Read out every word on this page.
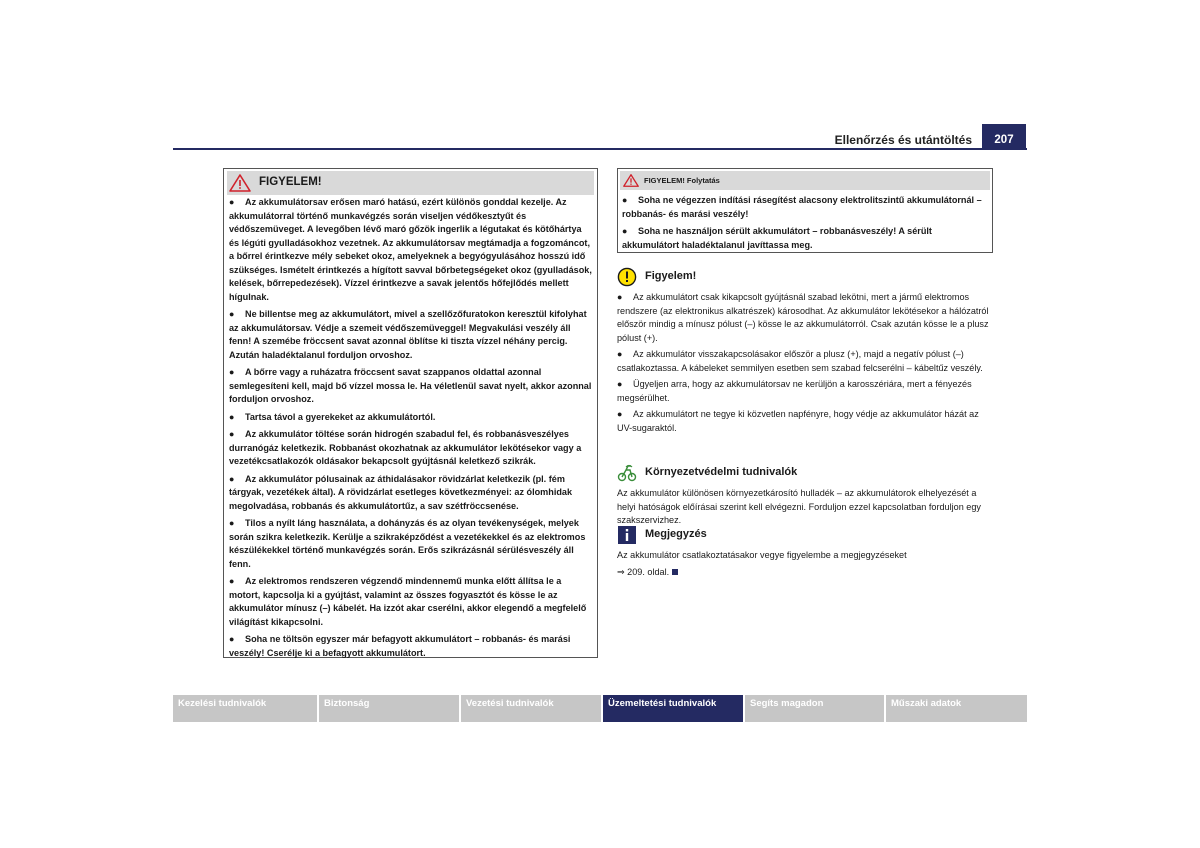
Ellenőrzés és utántöltés	207
FIGYELEM!

● Az akkumulátorsav erősen maró hatású, ezért különös gonddal kezelje. Az akkumulátorral történő munkavégzés során viseljen védőkesztyűt és védőszemüveget. A levegőben lévő maró gőzök ingerlik a légutakat és kötőhártya és légúti gyulladásokhoz vezetnek. Az akkumulátorsav megtámadja a fogzománcot, a bőrrel érintkezve mély sebeket okoz, amelyeknek a begyógyulásához hosszú idő szükséges. Ismételt érintkezés a hígított savval bőrbetegségeket okoz (gyulladások, kelések, bőrrepedezések). Vízzel érintkezve a savak jelentős hőfejlődés mellett hígulnak.

● Ne billentse meg az akkumulátort, mivel a szellőzőfuratokon keresztül kifolyhat az akkumulátorsav. Védje a szemeit védőszemüveggel! Megvakulási veszély áll fenn! A szemébe fröccsent savat azonnal öblítse ki tiszta vízzel néhány percig. Azután haladéktalanul forduljon orvoshoz.

● A bőrre vagy a ruházatra fröccsent savat szappanos oldattal azonnal semlegesíteni kell, majd bő vízzel mossa le. Ha véletlenül savat nyelt, akkor azonnal forduljon orvoshoz.

● Tartsa távol a gyerekeket az akkumulátortól.

● Az akkumulátor töltése során hidrogén szabadul fel, és robbanásveszélyes durranógáz keletkezik. Robbanást okozhatnak az akkumulátor lekötésekor vagy a vezetékcsatlakozók oldásakor bekapcsolt gyújtásnál keletkező szikrák.

● Az akkumulátor pólusainak az áthidalásakor rövidzárlat keletkezik (pl. fém tárgyak, vezetékek által). A rövidzárlat esetleges következményei: az ólomhidak megolvadása, robbanás és akkumulátortűz, a sav szétfröccsenése.

● Tilos a nyílt láng használata, a dohányzás és az olyan tevékenységek, melyek során szikra keletkezik. Kerülje a szikraképződést a vezetékekkel és az elektromos készülékekkel történő munkavégzés során. Erős szikrázásnál sérülésveszély áll fenn.

● Az elektromos rendszeren végzendő mindennemű munka előtt állítsa le a motort, kapcsolja ki a gyújtást, valamint az összes fogyasztót és kösse le az akkumulátor mínusz (–) kábelét. Ha izzót akar cserélni, akkor elegendő a megfelelő világítást kikapcsolni.

● Soha ne töltsön egyszer már befagyott akkumulátort – robbanás- és marási veszély! Cserélje ki a befagyott akkumulátort.

FIGYELEM! Folytatás

● Soha ne végezzen indítási rásegítést alacsony elektrolitszintű akkumulátornál – robbanás- és marási veszély!

● Soha ne használjon sérült akkumulátort – robbanásveszély! A sérült akkumulátort haladéktalanul javíttassa meg.

Figyelem!

● Az akkumulátort csak kikapcsolt gyújtásnál szabad lekötni, mert a jármű elektromos rendszere (az elektronikus alkatrészek) károsodhat. Az akkumulátor lekötésekor a hálózatról először mindig a mínusz pólust (–) kösse le az akkumulátorról. Csak azután kösse le a plusz pólust (+).

● Az akkumulátor visszakapcsolásakor először a plusz (+), majd a negatív pólust (–) csatlakoztassa. A kábeleket semmilyen esetben sem szabad felcserélni – kábeltűz veszély.

● Ügyeljen arra, hogy az akkumulátorsav ne kerüljön a karosszériára, mert a fényezés megsérülhet.

● Az akkumulátort ne tegye ki közvetlen napfényre, hogy védje az akkumulátor házát az UV-sugaraktól.

Környezetvédelmi tudnivalók

Az akkumulátor különösen környezetkárosító hulladék – az akkumulátorok elhelyezését a helyi hatóságok előírásai szerint kell elvégezni. Forduljon ezzel kapcsolatban forduljon egy szakszervizhez.

Megjegyzés

Az akkumulátor csatlakoztatásakor vegye figyelembe a megjegyzéseket

⇒ 209. oldal.

Kezelési tudnivalók	Biztonság	Vezetési tudnivalók	Üzemeltetési tudnivalók	Segíts magadon	Műszaki adatok
